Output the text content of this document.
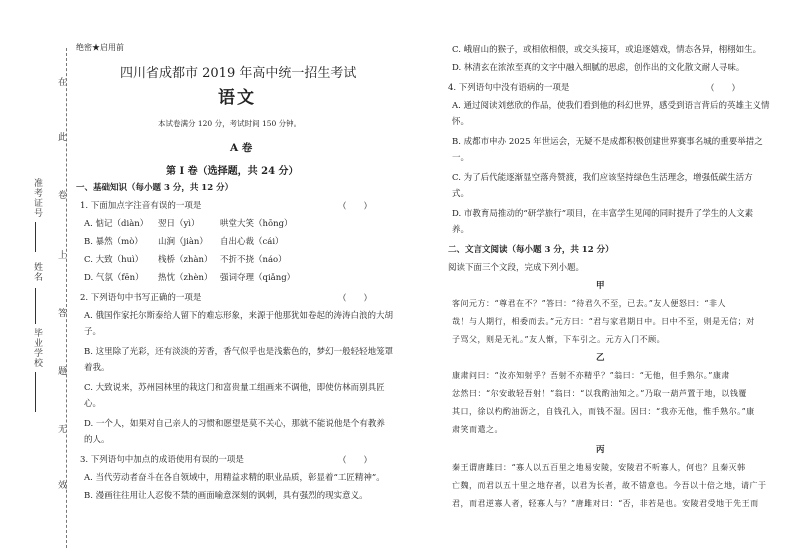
在
此
卷
上
答
题
无
效
准考证号
姓名
毕业学校
绝密★启用前
四川省成都市 2019 年高中统一招生考试
语文
本试卷满分 120 分，考试时间 150 分钟。
A 卷
第 I 卷（选择题，共 24 分）
一、基础知识（每小题 3 分，共 12 分）
1. 下面加点字注音有误的一项是	（　　）
A. 惦记（diàn） 翌日（yì） 哄堂大笑（hōng）
B. 暴然（mò） 山涧（jiàn） 自出心裁（cái）
C. 大致（huì） 栈桥（zhàn） 不折不挠（náo）
D. 气氛（fēn） 热忱（zhèn） 强词夺理（qiǎng）
2. 下列语句中书写正确的一项是	（　　）
A. 俄国作家托尔斯泰给人留下的难忘形象，来源于他那犹如卷起的涛涛白浪的大胡
子。
B. 这里除了光彩，还有淡淡的芳香，香气似乎也是浅紫色的，梦幻一般轻轻地笼罩
着我。
C. 大致说来，苏州园林里的栽这门和富贵量工组画来不调他，即使仿林而别具匠
心。
D. 一个人，如果对自己亲人的习惯和愿望是莫不关心，那就不能说他是个有教养
的人。
3. 下列语句中加点的成语使用有误的一项是	（　　）
A. 当代劳动者奋斗在各自领域中，用精益求精的职业品质，彰显着“工匠精神”。
B. 漫画往往用让人忍俊不禁的画面喻意深刻的讽刺，具有强烈的现实意义。
C. 峨眉山的猴子，或相依相偎，或交头接耳，或追逐嬉戏，情态各异，栩栩如生。
D. 林清玄在浓浓至真的文字中融入细腻的思虑，创作出的文化散文耐人寻味。
4. 下列语句中没有语病的一项是	（　　）
A. 通过阅读刘慈欣的作品，使我们看到他的科幻世界，感受到语言背后的英雄主义情
怀。
B. 成都市申办 2025 年世运会，无疑不是成都积极创建世界赛事名城的重要举措之
一。
C. 为了后代能逐渐显空落舟赞渡，我们应该坚持绿色生活理念，增强低碳生活方
式。
D. 市教育局推动的“研学旅行”项目，在丰富学生见闻的同时提升了学生的人文素
养。
二、文言文阅读（每小题 3 分，共 12 分）
阅读下面三个文段，完成下列小题。
甲
客问元方：“尊君在不？”答曰：“待君久不至，已去。”友人便怒曰：“非人
哉！与人期行，相委而去。”元方曰：“君与家君期日中。日中不至，则是无信；对
子骂父，则是无礼。”友人惭，下车引之。元方入门不顾。
乙
康肃问曰：“汝亦知射乎？吾射不亦精乎？”翁曰：“无他，但手熟尔。”康肃
忿然曰：“尔安敢轻吾射！”翁曰：“以我酌油知之。”乃取一葫芦置于地，以钱覆
其口，徐以杓酌油沥之，自钱孔入，而钱不湿。因曰：“我亦无他，惟手熟尔。”康
肃笑而遣之。
丙
秦王谓唐雎曰：“寡人以五百里之地易安陵，安陵君不听寡人，何也？且秦灭韩
亡魏，而君以五十里之地存者，以君为长者，故不错意也。今吾以十倍之地，请广于
君，而君逆寡人者，轻寡人与？”唐雎对曰：“否，非若是也。安陵君受地于先王而
